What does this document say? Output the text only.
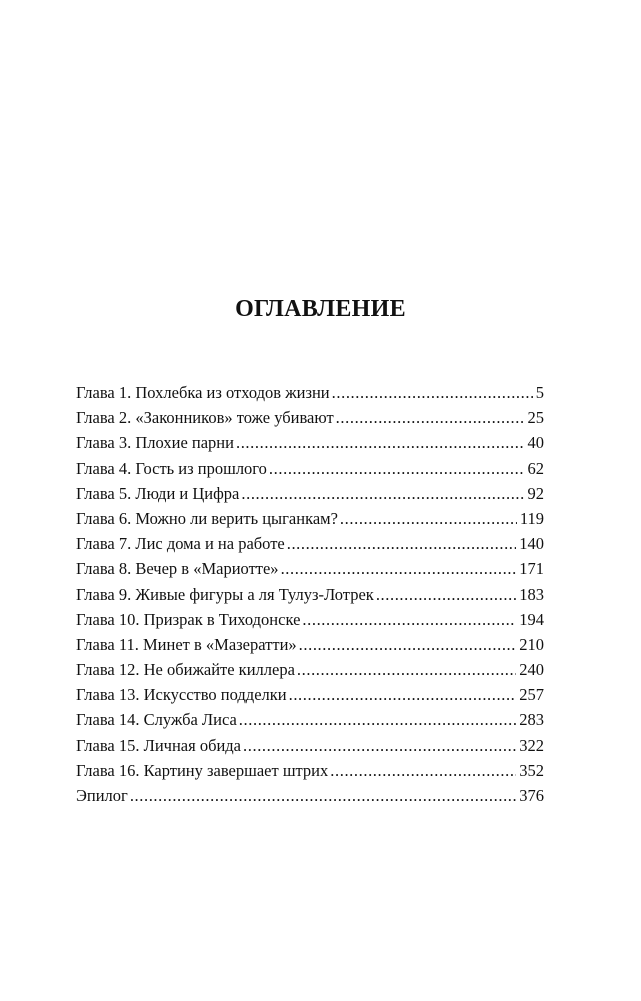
ОГЛАВЛЕНИЕ
Глава 1. Похлебка из отходов жизни .....	5
Глава 2. «Законников» тоже убивают .....	25
Глава 3. Плохие парни .....	40
Глава 4. Гость из прошлого .....	62
Глава 5. Люди и Цифра .....	92
Глава 6. Можно ли верить цыганкам? .....	119
Глава 7. Лис дома и на работе .....	140
Глава 8. Вечер в «Мариотте» .....	171
Глава 9. Живые фигуры а ля Тулуз-Лотрек .....	183
Глава 10. Призрак в Тиходонске .....	194
Глава 11. Минет в «Мазератти» .....	210
Глава 12. Не обижайте киллера .....	240
Глава 13. Искусство подделки .....	257
Глава 14. Служба Лиса .....	283
Глава 15. Личная обида .....	322
Глава 16. Картину завершает штрих .....	352
Эпилог .....	376
